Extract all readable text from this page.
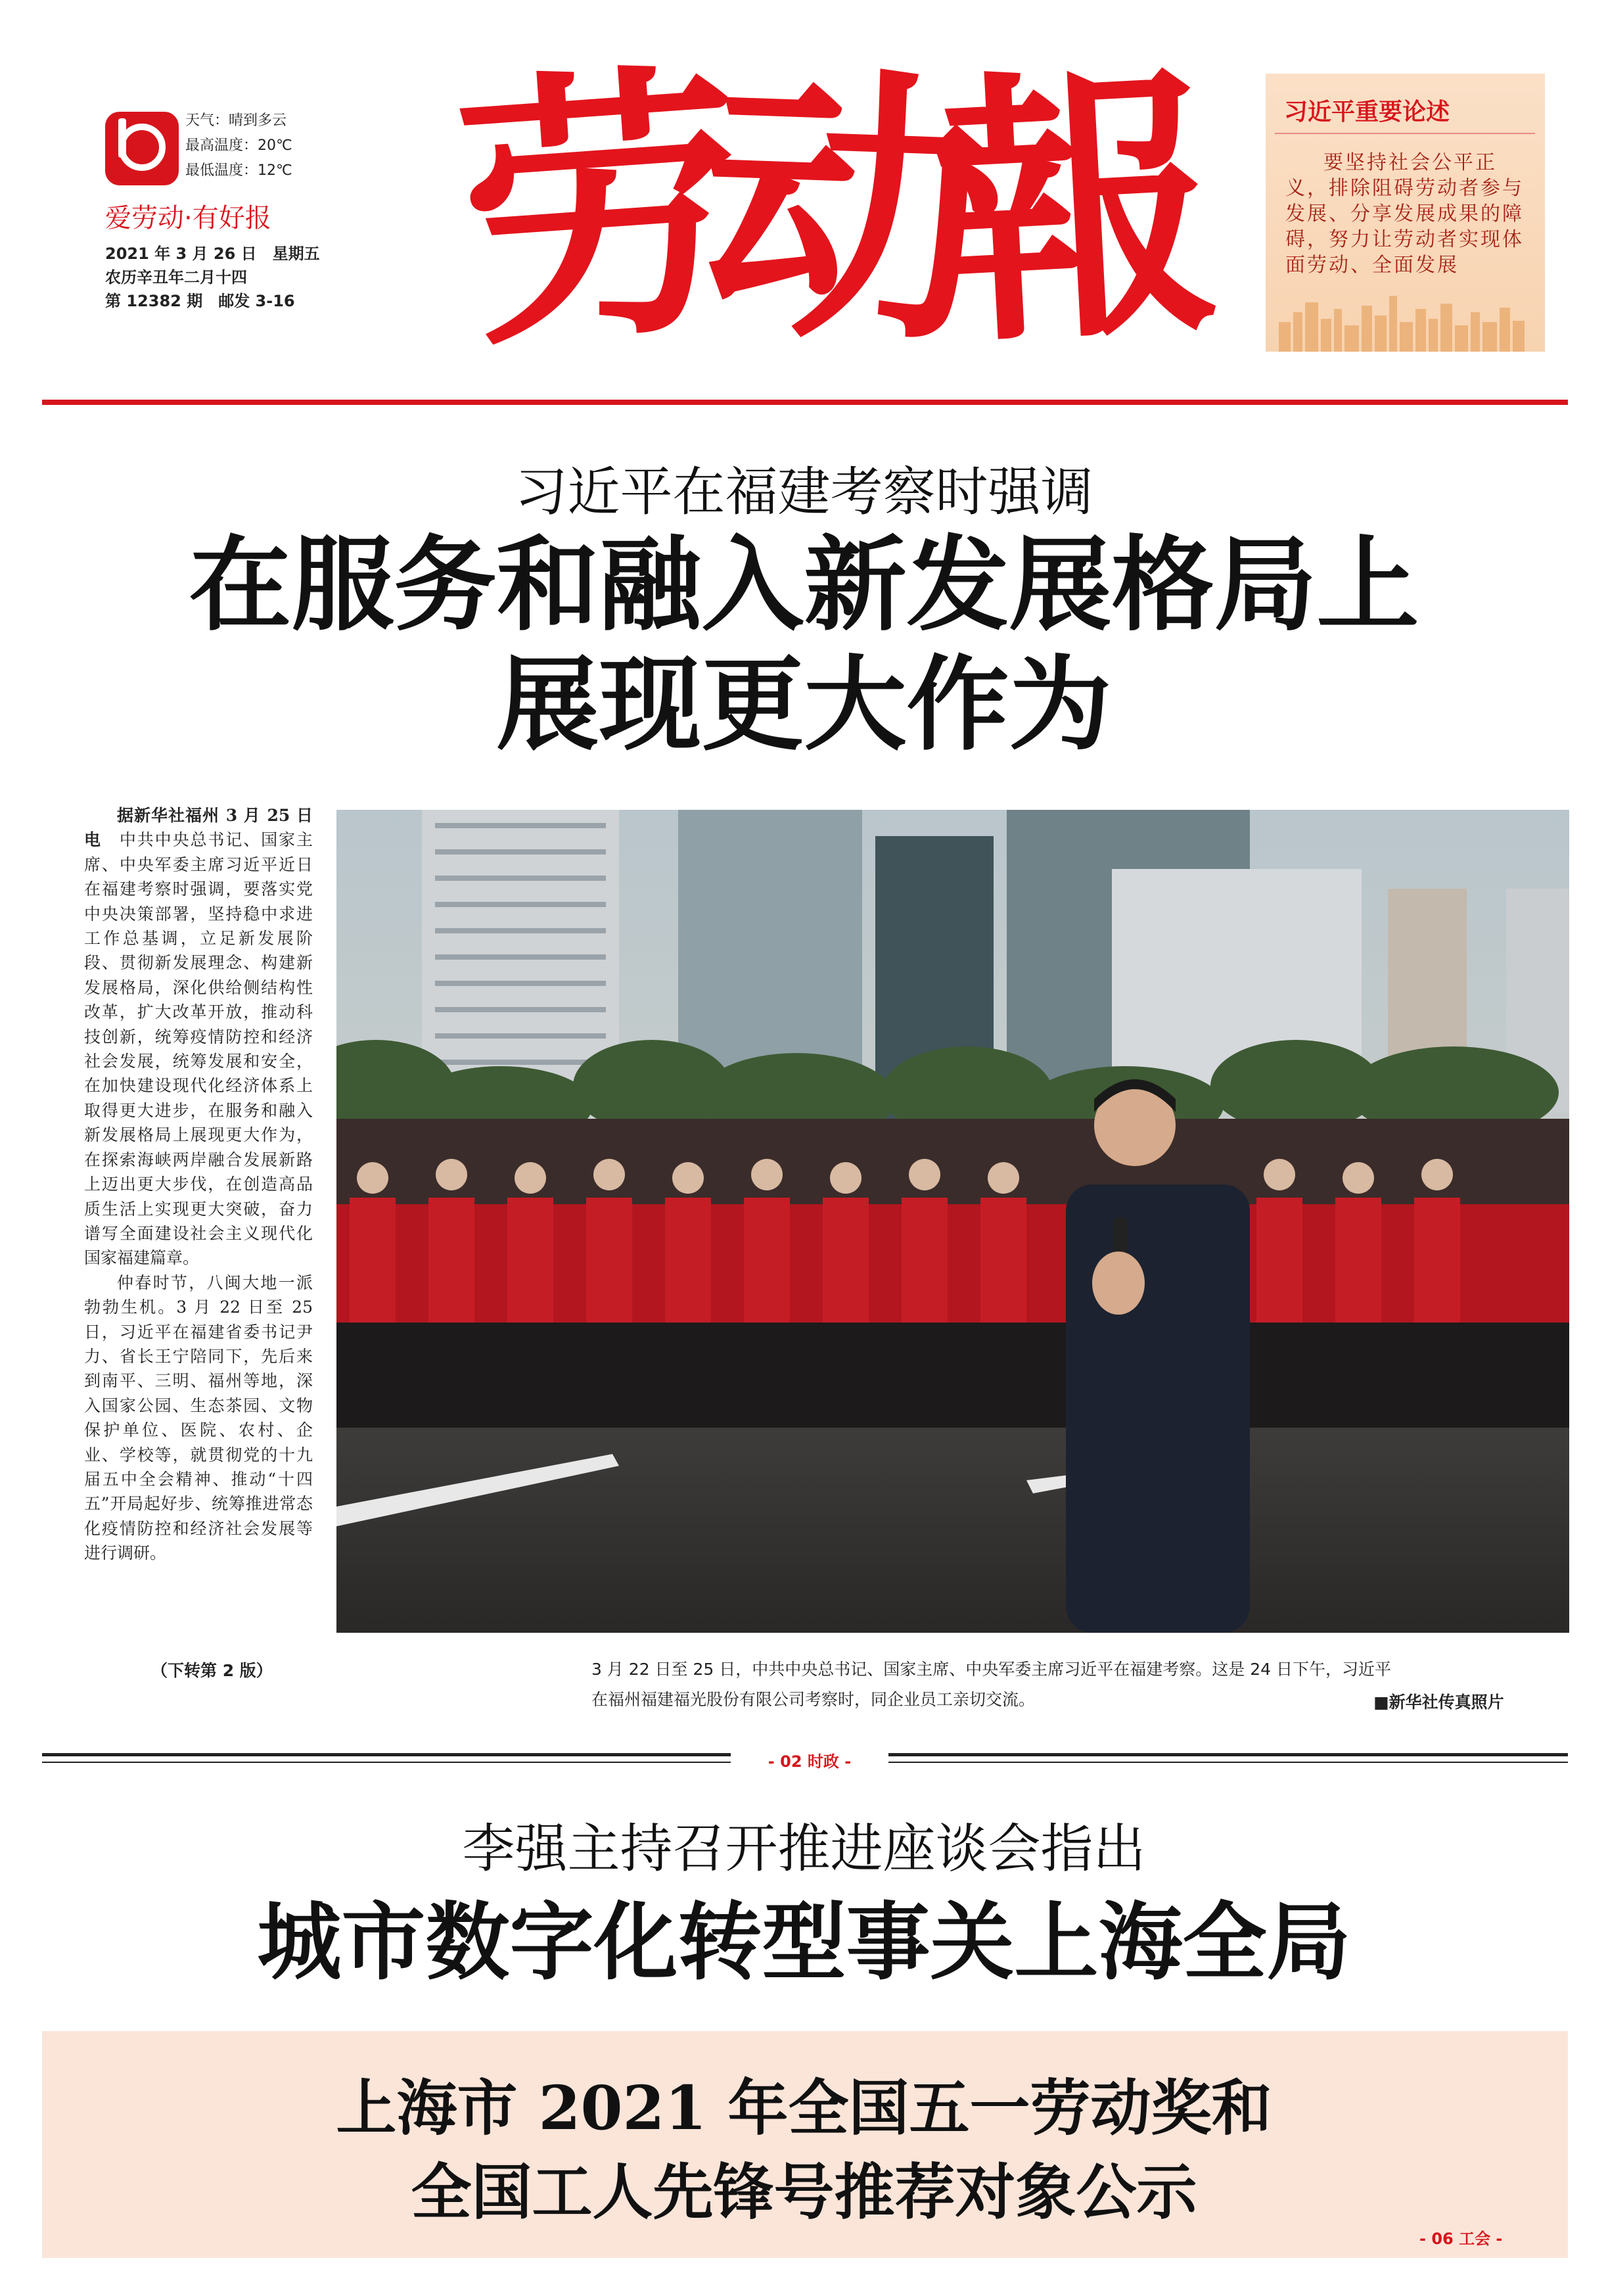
天气：晴到多云
最高温度：20℃
最低温度：12℃
爱劳动·有好报
2021 年 3 月 26 日　星期五
农历辛丑年二月十四
第 12382 期　邮发 3-16 劳
动
報	习近平重要论述
要坚持社会公平正义，排除阻碍劳动者参与发展、分享发展成果的障碍，努力让劳动者实现体面劳动、全面发展
习近平在福建考察时强调
在服务和融入新发展格局上
展现更大作为

据新华社福州 3 月 25 日电　 中共中央总书记、国家主席、中央军委主席习近平近日在福建考察时强调，要落实党中央决策部署，坚持稳中求进工作总基调，立足新发展阶段、贯彻新发展理念、构建新发展格局，深化供给侧结构性改革，扩大改革开放，推动科技创新，统筹疫情防控和经济社会发展，统筹发展和安全，在加快建设现代化经济体系上取得更大进步，在服务和融入新发展格局上展现更大作为，在探索海峡两岸融合发展新路上迈出更大步伐，在创造高品质生活上实现更大突破，奋力谱写全面建设社会主义现代化国家福建篇章。

仲春时节，八闽大地一派勃勃生机。3 月 22 日至 25 日，习近平在福建省委书记尹力、省长王宁陪同下，先后来到南平、三明、福州等地，深入国家公园、生态茶园、文物保护单位、医院、农村、企业、学校等，就贯彻党的十九届五中全会精神、推动“十四五”开局起好步、统筹推进常态化疫情防控和经济社会发展等进行调研。

（下转第 2 版）	3 月 22 日至 25 日，中共中央总书记、国家主席、中央军委主席习近平在福建考察。这是 24 日下午，习近平
在福州福建福光股份有限公司考察时，同企业员工亲切交流。	■新华社传真照片
- 02 时政 -
李强主持召开推进座谈会指出
城市数字化转型事关上海全局
上海市 2021 年全国五一劳动奖和
全国工人先锋号推荐对象公示
- 06 工会 -
